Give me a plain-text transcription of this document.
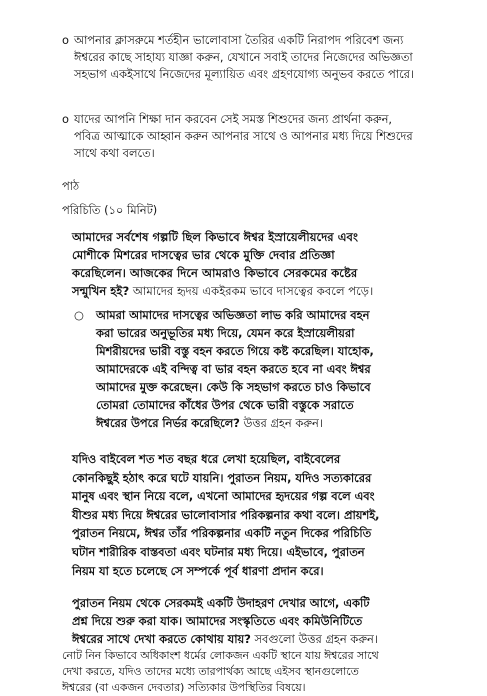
o আপনার ক্লাসরুমে শর্তহীন ভালোবাসা তৈরির একটি নিরাপদ পরিবেশ জন্য
ঈশ্বরের কাছে সাহায্য যাজ্ঞা করুন, যেখানে সবাই তাদের নিজেদের অভিজ্ঞতা
সহভাগ একইসাথে নিজেদের মূল্যায়িত এবং গ্রহণযোগ্য অনুভব করতে পারে।
o যাদের আপনি শিক্ষা দান করবেন সেই সমস্ত শিশুদের জন্য প্রার্থনা করুন,
পবিত্র আত্মাকে আহ্বান করুন আপনার সাথে ও আপনার মধ্য দিয়ে শিশুদের
সাথে কথা বলতে।
পাঠ
পরিচিতি (১০ মিনিট)
আমাদের সর্বশেষ গল্পটি ছিল কিভাবে ঈশ্বর ইস্রায়েলীয়দের এবং
মোশীকে মিশরের দাসত্বের ভার থেকে মুক্তি দেবার প্রতিজ্ঞা
করেছিলেন। আজকের দিনে আমরাও কিভাবে সেরকমের কষ্টের
সন্মুখিন হই? আমাদের হৃদয় একইরকম ভাবে দাসত্বের কবলে পড়ে।
○ আমরা আমাদের দাসত্বের অভিজ্ঞতা লাভ করি আমাদের বহন
করা ভারের অনুভূতির মধ্য দিয়ে, যেমন করে ইস্রায়েলীয়রা
মিশরীয়দের ভারী বস্তু বহন করতে গিয়ে কষ্ট করেছিল। যাহোক,
আমাদেরকে এই বন্দিত্ব বা ভার বহন করতে হবে না এবং ঈশ্বর
আমাদের মুক্ত করেছেন। কেউ কি সহভাগ করতে চাও কিভাবে
তোমরা তোমাদের কাঁধের উপর থেকে ভারী বস্তুকে সরাতে
ঈশ্বরের উপরে নির্ভর করেছিলে? উত্তর গ্রহন করুন।
যদিও বাইবেল শত শত বছর ধরে লেখা হয়েছিল, বাইবেলের
কোনকিছুই হঠাৎ করে ঘটে যায়নি। পুরাতন নিয়ম, যদিও সত্যকারের
মানুষ এবং স্থান নিয়ে বলে, এখনো আমাদের হৃদয়ের গল্প বলে এবং
যীশুর মধ্য দিয়ে ঈশ্বরের ভালোবাসার পরিকল্পনার কথা বলে। প্রায়শই,
পুরাতন নিয়মে, ঈশ্বর তাঁর পরিকল্পনার একটি নতুন দিকের পরিচিতি
ঘটান শারীরিক বাস্তবতা এবং ঘটনার মধ্য দিয়ে। এইভাবে, পুরাতন
নিয়ম যা হতে চলেছে সে সম্পর্কে পূর্ব ধারণা প্রদান করে।
পুরাতন নিয়ম থেকে সেরকমই একটি উদাহরণ দেখার আগে, একটি
প্রশ্ন দিয়ে শুরু করা যাক। আমাদের সংস্কৃতিতে এবং কমিউনিটিতে
ঈশ্বরের সাথে দেখা করতে কোথায় যায়? সবগুলো উত্তর গ্রহন করুন।
নোট নিন কিভাবে অধিকাংশ ধর্মের লোকজন একটি স্থানে যায় ঈশ্বরের সাথে
দেখা করতে, যদিও তাদের মধ্যে তারপার্থক্য আছে এইসব স্থানগুলোতে
ঈশ্বরের (বা একজন দেবতার) সত্যিকার উপস্থিতির বিষয়ে।
